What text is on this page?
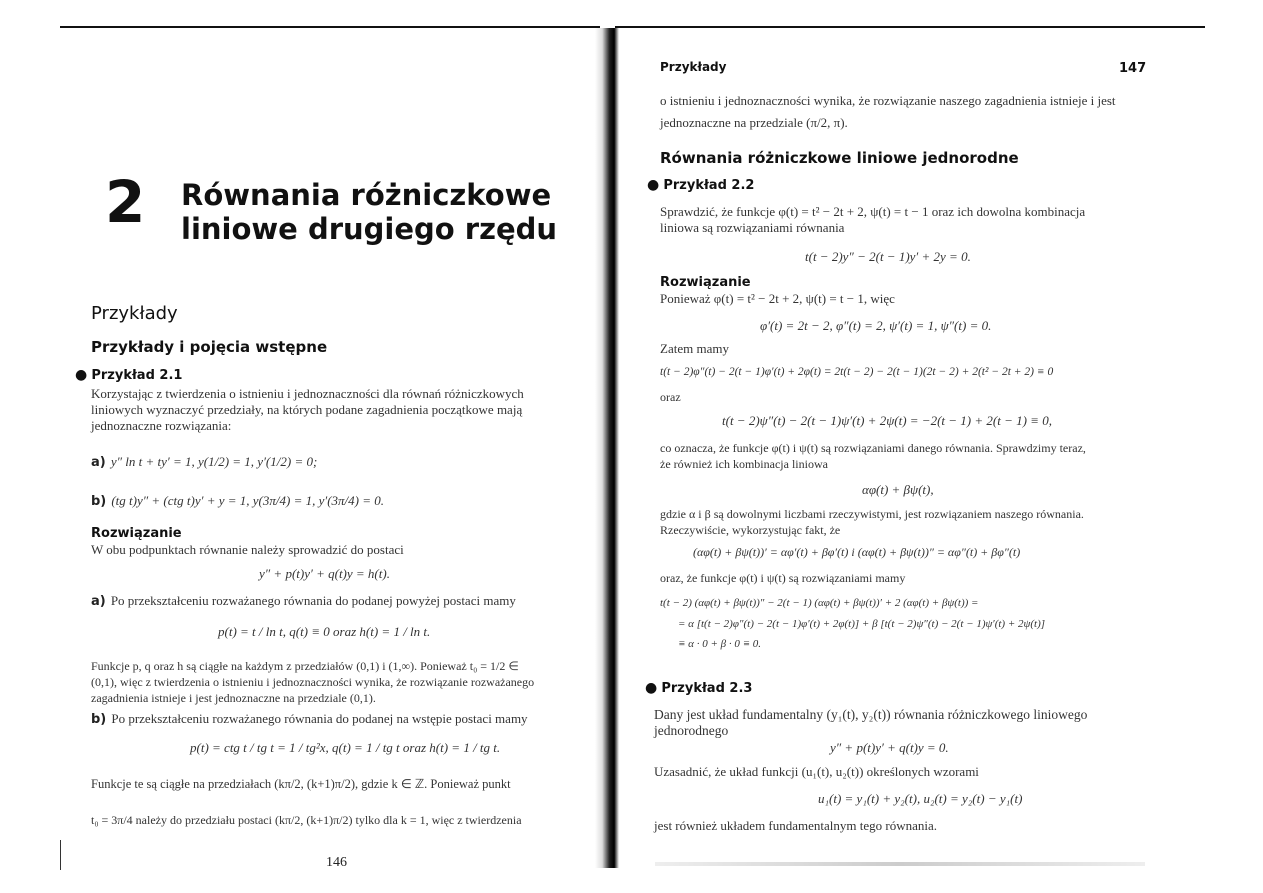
2 Równania różniczkowe
liniowe drugiego rzędu
Przykłady
Przykłady i pojęcia wstępne
● Przykład 2.1
Korzystając z twierdzenia o istnieniu i jednoznaczności dla równań różniczkowych
liniowych wyznaczyć przedziały, na których podane zagadnienia początkowe mają
jednoznaczne rozwiązania:
a) y″ ln t + ty′ = 1, y(1/2) = 1, y′(1/2) = 0;
b) (tg t)y″ + (ctg t)y′ + y = 1, y(3π/4) = 1, y′(3π/4) = 0.
Rozwiązanie
W obu podpunktach równanie należy sprowadzić do postaci
y″ + p(t)y′ + q(t)y = h(t).
a) Po przekształceniu rozważanego równania do podanej powyżej postaci mamy
p(t) = t / ln t, q(t) ≡ 0 oraz h(t) = 1 / ln t.
Funkcje p, q oraz h są ciągłe na każdym z przedziałów (0,1) i (1,∞). Ponieważ t₀ = 1/2 ∈
(0,1), więc z twierdzenia o istnieniu i jednoznaczności wynika, że rozwiązanie rozważanego
zagadnienia istnieje i jest jednoznaczne na przedziale (0,1).
b) Po przekształceniu rozważanego równania do podanej na wstępie postaci mamy
p(t) = ctg t / tg t = 1 / tg²x, q(t) = 1 / tg t oraz h(t) = 1 / tg t.
Funkcje te są ciągłe na przedziałach (kπ/2, (k+1)π/2), gdzie k ∈ ℤ. Ponieważ punkt
t₀ = 3π/4 należy do przedziału postaci (kπ/2, (k+1)π/2) tylko dla k = 1, więc z twierdzenia
146
Przykłady	147
o istnieniu i jednoznaczności wynika, że rozwiązanie naszego zagadnienia istnieje i jest
jednoznaczne na przedziale (π/2, π).
Równania różniczkowe liniowe jednorodne
● Przykład 2.2
Sprawdzić, że funkcje φ(t) = t² − 2t + 2, ψ(t) = t − 1 oraz ich dowolna kombinacja
liniowa są rozwiązaniami równania
t(t − 2)y″ − 2(t − 1)y′ + 2y = 0.
Rozwiązanie
Ponieważ φ(t) = t² − 2t + 2, ψ(t) = t − 1, więc
φ′(t) = 2t − 2, φ″(t) = 2, ψ′(t) = 1, ψ″(t) = 0.
Zatem mamy
t(t − 2)φ″(t) − 2(t − 1)φ′(t) + 2φ(t) = 2t(t − 2) − 2(t − 1)(2t − 2) + 2(t² − 2t + 2) ≡ 0
oraz
t(t − 2)ψ″(t) − 2(t − 1)ψ′(t) + 2ψ(t) = −2(t − 1) + 2(t − 1) ≡ 0,
co oznacza, że funkcje φ(t) i ψ(t) są rozwiązaniami danego równania. Sprawdzimy teraz,
że również ich kombinacja liniowa
αφ(t) + βψ(t),
gdzie α i β są dowolnymi liczbami rzeczywistymi, jest rozwiązaniem naszego równania.
Rzeczywiście, wykorzystując fakt, że
(αφ(t) + βψ(t))′ = αφ′(t) + βφ′(t) i (αφ(t) + βψ(t))″ = αφ″(t) + βφ″(t)
oraz, że funkcje φ(t) i ψ(t) są rozwiązaniami mamy
t(t − 2) (αφ(t) + βψ(t))″ − 2(t − 1) (αφ(t) + βψ(t))′ + 2 (αφ(t) + βψ(t)) =
= α [t(t − 2)φ″(t) − 2(t − 1)φ′(t) + 2φ(t)] + β [t(t − 2)ψ″(t) − 2(t − 1)ψ′(t) + 2ψ(t)]
≡ α · 0 + β · 0 ≡ 0.
● Przykład 2.3
Dany jest układ fundamentalny (y₁(t), y₂(t)) równania różniczkowego liniowego
jednorodnego
y″ + p(t)y′ + q(t)y = 0.
Uzasadnić, że układ funkcji (u₁(t), u₂(t)) określonych wzorami
u₁(t) = y₁(t) + y₂(t), u₂(t) = y₂(t) − y₁(t)
jest również układem fundamentalnym tego równania.
